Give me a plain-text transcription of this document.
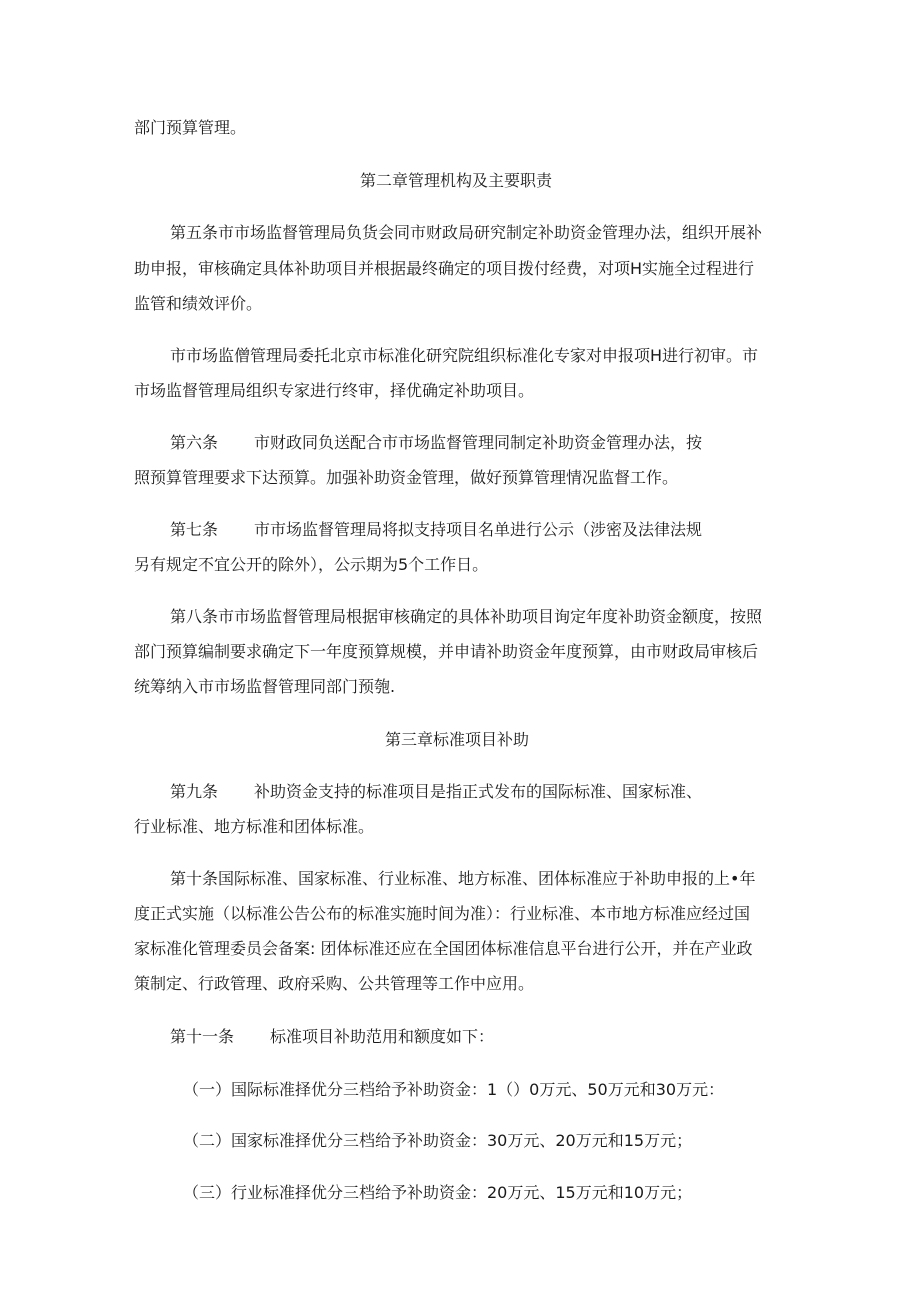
部门预算管理。
第二章管理机构及主要职责
第五条市市场监督管理局负货会同市财政局研究制定补助资金管理办法，组织开展补
助申报，审核确定具体补助项目并根据最终确定的项目拨付经费，对项H实施全过程进行
监管和绩效评价。
市市场监僧管理局委托北京市标准化研究院组织标准化专家对申报项H进行初审。市
市场监督管理局组织专家进行终审，择优确定补助项目。
第六条 市财政同负送配合市市场监督管理同制定补助资金管理办法，按
照预算管理要求下达预算。加强补助资金管理，做好预算管理情况监督工作。
第七条 市市场监督管理局将拟支持项目名单进行公示（涉密及法律法规
另有规定不宜公开的除外），公示期为5个工作日。
第八条市市场监督管理局根据审核确定的具体补助项目询定年度补助资金额度，按照
部门预算编制要求确定下一年度预算规模，并申请补助资金年度预算，由市财政局审核后
统筹纳入市市场监督管理同部门预匏.
第三章标准项目补助
第九条 补助资金支持的标准项目是指正式发布的国际标准、国家标准、
行业标准、地方标准和团体标准。
第十条国际标准、国家标准、行业标准、地方标准、团体标准应于补助申报的上•年
度正式实施（以标准公告公布的标准实施时间为准）：行业标准、本市地方标准应经过国
家标准化管理委员会备案: 团体标准还应在全国团体标准信息平台进行公开，并在产业政
策制定、行政管理、政府采购、公共管理等工作中应用。
第十一条 标准项目补助范用和额度如下：
（一）国际标准择优分三档给予补助资金：1（）0万元、50万元和30万元：
（二）国家标准择优分三档给予补助资金：30万元、20万元和15万元；
（三）行业标准择优分三档给予补助资金：20万元、15万元和10万元；
